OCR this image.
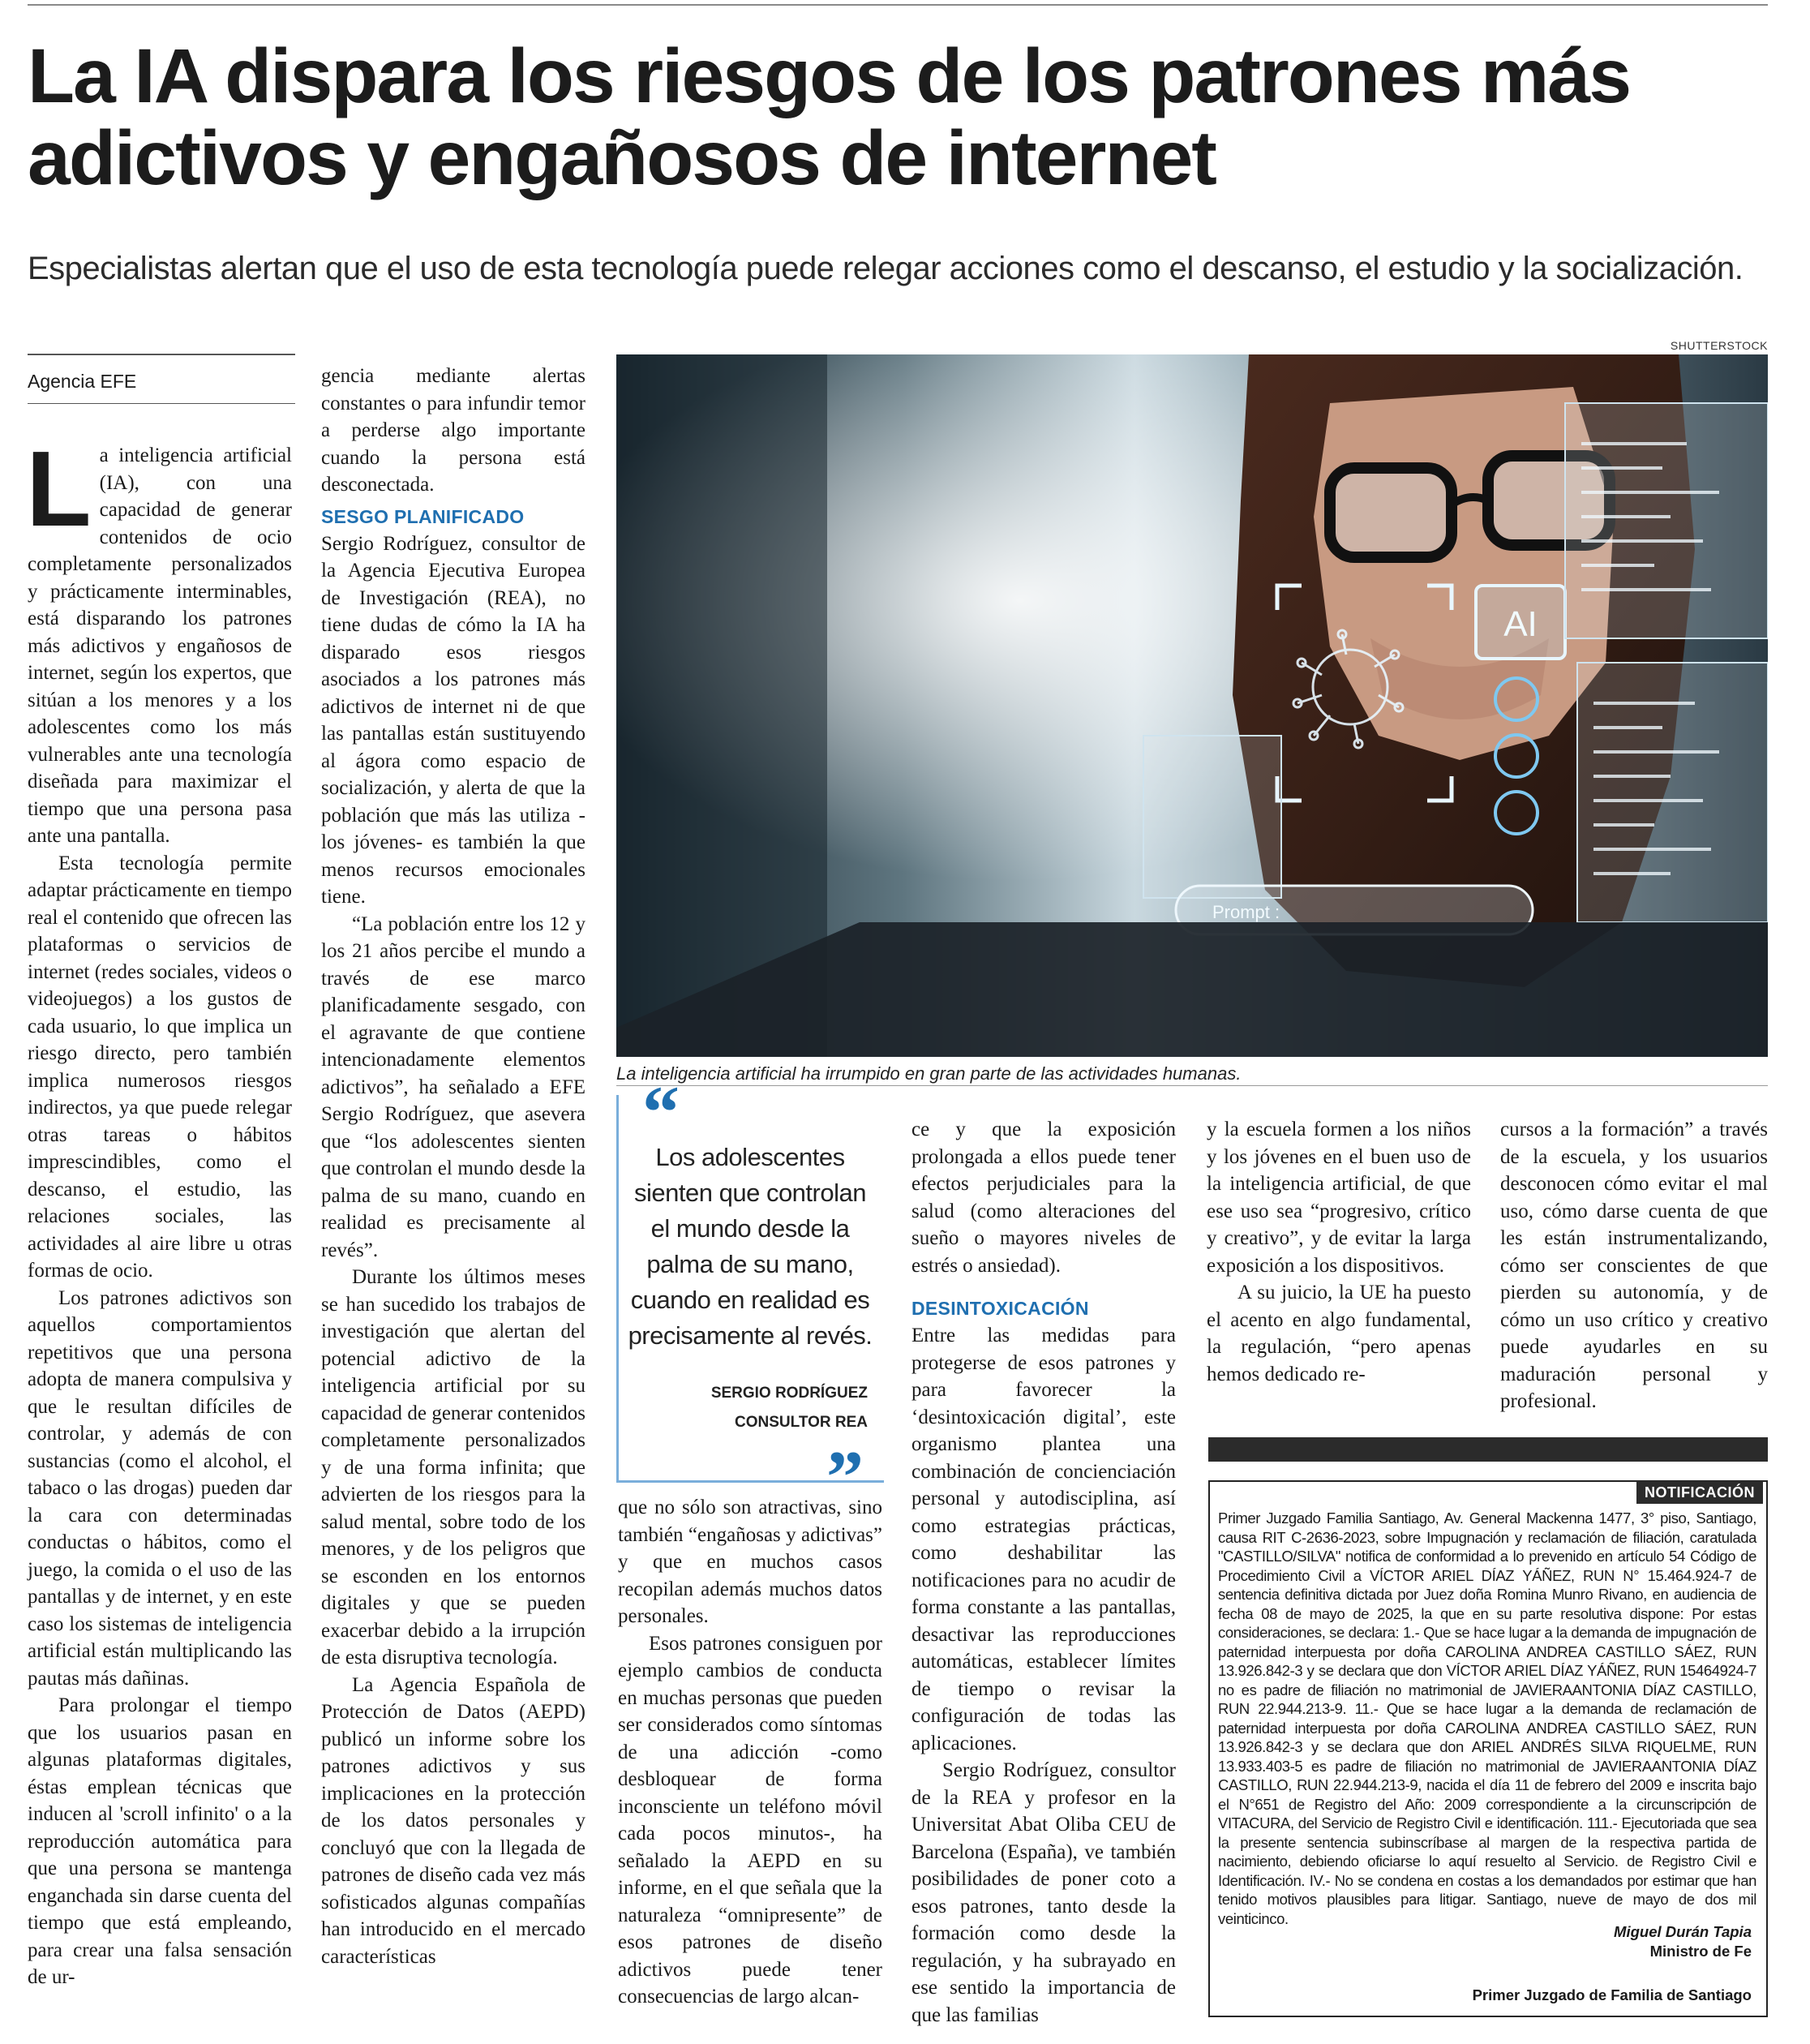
La IA dispara los riesgos de los patrones más adictivos y engañosos de internet

Especialistas alertan que el uso de esta tecnología puede relegar acciones como el descanso, el estudio y la socialización.

Agencia EFE

La inteligencia artificial (IA), con una capacidad de generar contenidos de ocio completamente personalizados y prácticamente interminables, está disparando los patrones más adictivos y engañosos de internet, según los expertos, que sitúan a los menores y a los adolescentes como los más vulnerables ante una tecnología diseñada para maximizar el tiempo que una persona pasa ante una pantalla.

Esta tecnología permite adaptar prácticamente en tiempo real el contenido que ofrecen las plataformas o servicios de internet (redes sociales, videos o videojuegos) a los gustos de cada usuario, lo que implica un riesgo directo, pero también implica numerosos riesgos indirectos, ya que puede relegar otras tareas o hábitos imprescindibles, como el descanso, el estudio, las relaciones sociales, las actividades al aire libre u otras formas de ocio.

Los patrones adictivos son aquellos comportamientos repetitivos que una persona adopta de manera compulsiva y que le resultan difíciles de controlar, y además de con sustancias (como el alcohol, el tabaco o las drogas) pueden dar la cara con determinadas conductas o hábitos, como el juego, la comida o el uso de las pantallas y de internet, y en este caso los sistemas de inteligencia artificial están multiplicando las pautas más dañinas.

Para prolongar el tiempo que los usuarios pasan en algunas plataformas digitales, éstas emplean técnicas que inducen al 'scroll infinito' o a la reproducción automática para que una persona se mantenga enganchada sin darse cuenta del tiempo que está empleando, para crear una falsa sensación de ur-

gencia mediante alertas constantes o para infundir temor a perderse algo importante cuando la persona está desconectada.

SESGO PLANIFICADO

Sergio Rodríguez, consultor de la Agencia Ejecutiva Europea de Investigación (REA), no tiene dudas de cómo la IA ha disparado esos riesgos asociados a los patrones más adictivos de internet ni de que las pantallas están sustituyendo al ágora como espacio de socialización, y alerta de que la población que más las utiliza -los jóvenes- es también la que menos recursos emocionales tiene.

“La población entre los 12 y los 21 años percibe el mundo a través de ese marco planificadamente sesgado, con el agravante de que contiene intencionadamente elementos adictivos”, ha señalado a EFE Sergio Rodríguez, que asevera que “los adolescentes sienten que controlan el mundo desde la palma de su mano, cuando en realidad es precisamente al revés”.

Durante los últimos meses se han sucedido los trabajos de investigación que alertan del potencial adictivo de la inteligencia artificial por su capacidad de generar contenidos completamente personalizados y de una forma infinita; que advierten de los riesgos para la salud mental, sobre todo de los menores, y de los peligros que se esconden en los entornos digitales y que se pueden exacerbar debido a la irrupción de esta disruptiva tecnología.

La Agencia Española de Protección de Datos (AEPD) publicó un informe sobre los patrones adictivos y sus implicaciones en la protección de los datos personales y concluyó que con la llegada de patrones de diseño cada vez más sofisticados algunas compañías han introducido en el mercado características

SHUTTERSTOCK
AI
Prompt :
La inteligencia artificial ha irrumpido en gran parte de las actividades humanas.
“
Los adolescentes sienten que controlan el mundo desde la palma de su mano, cuando en realidad es precisamente al revés.
SERGIO RODRÍGUEZ
CONSULTOR REA
”

que no sólo son atractivas, sino también “engañosas y adictivas” y que en muchos casos recopilan además muchos datos personales.

Esos patrones consiguen por ejemplo cambios de conducta en muchas personas que pueden ser considerados como síntomas de una adicción -como desbloquear de forma inconsciente un teléfono móvil cada pocos minutos-, ha señalado la AEPD en su informe, en el que señala que la naturaleza “omnipresente” de esos patrones de diseño adictivos puede tener consecuencias de largo alcan-

ce y que la exposición prolongada a ellos puede tener efectos perjudiciales para la salud (como alteraciones del sueño o mayores niveles de estrés o ansiedad).

DESINTOXICACIÓN

Entre las medidas para protegerse de esos patrones y para favorecer la ‘desintoxicación digital’, este organismo plantea una combinación de concienciación personal y autodisciplina, así como estrategias prácticas, como deshabilitar las notificaciones para no acudir de forma constante a las pantallas, desactivar las reproducciones automáticas, establecer límites de tiempo o revisar la configuración de todas las aplicaciones.

Sergio Rodríguez, consultor de la REA y profesor en la Universitat Abat Oliba CEU de Barcelona (España), ve también posibilidades de poner coto a esos patrones, tanto desde la formación como desde la regulación, y ha subrayado en ese sentido la importancia de que las familias

y la escuela formen a los niños y los jóvenes en el buen uso de la inteligencia artificial, de que ese uso sea “progresivo, crítico y creativo”, y de evitar la larga exposición a los dispositivos.

A su juicio, la UE ha puesto el acento en algo fundamental, la regulación, “pero apenas hemos dedicado re-

cursos a la formación” a través de la escuela, y los usuarios desconocen cómo evitar el mal uso, cómo darse cuenta de que les están instrumentalizando, cómo ser conscientes de que pierden su autonomía, y de cómo un uso crítico y creativo puede ayudarles en su maduración personal y profesional.

Miguel Durán Tapia
Ministro de Fe
Primer Juzgado de Familia de Santiago
NOTIFICACIÓN
Primer Juzgado Familia Santiago, Av. General Mackenna 1477, 3° piso, Santiago, causa RIT C-2636-2023, sobre Impugnación y reclamación de filiación, caratulada "CASTILLO/SILVA" notifica de conformidad a lo prevenido en artículo 54 Código de Procedimiento Civil a VÍCTOR ARIEL DÍAZ YÁÑEZ, RUN N° 15.464.924-7 de sentencia definitiva dictada por Juez doña Romina Munro Rivano, en audiencia de fecha 08 de mayo de 2025, la que en su parte resolutiva dispone: Por estas consideraciones, se declara: 1.- Que se hace lugar a la demanda de impugnación de paternidad interpuesta por doña CAROLINA ANDREA CASTILLO SÁEZ, RUN 13.926.842-3 y se declara que don VÍCTOR ARIEL DÍAZ YÁÑEZ, RUN 15464924-7 no es padre de filiación no matrimonial de JAVIERAANTONIA DÍAZ CASTILLO, RUN 22.944.213-9. 11.- Que se hace lugar a la demanda de reclamación de paternidad interpuesta por doña CAROLINA ANDREA CASTILLO SÁEZ, RUN 13.926.842-3 y se declara que don ARIEL ANDRÉS SILVA RIQUELME, RUN 13.933.403-5 es padre de filiación no matrimonial de JAVIERAANTONIA DÍAZ CASTILLO, RUN 22.944.213-9, nacida el día 11 de febrero del 2009 e inscrita bajo el N°651 de Registro del Año: 2009 correspondiente a la circunscripción de VITACURA, del Servicio de Registro Civil e identificación. 111.- Ejecutoriada que sea la presente sentencia subinscríbase al margen de la respectiva partida de nacimiento, debiendo oficiarse lo aquí resuelto al Servicio. de Registro Civil e Identificación. IV.- No se condena en costas a los demandados por estimar que han tenido motivos plausibles para litigar. Santiago, nueve de mayo de dos mil veinticinco.
